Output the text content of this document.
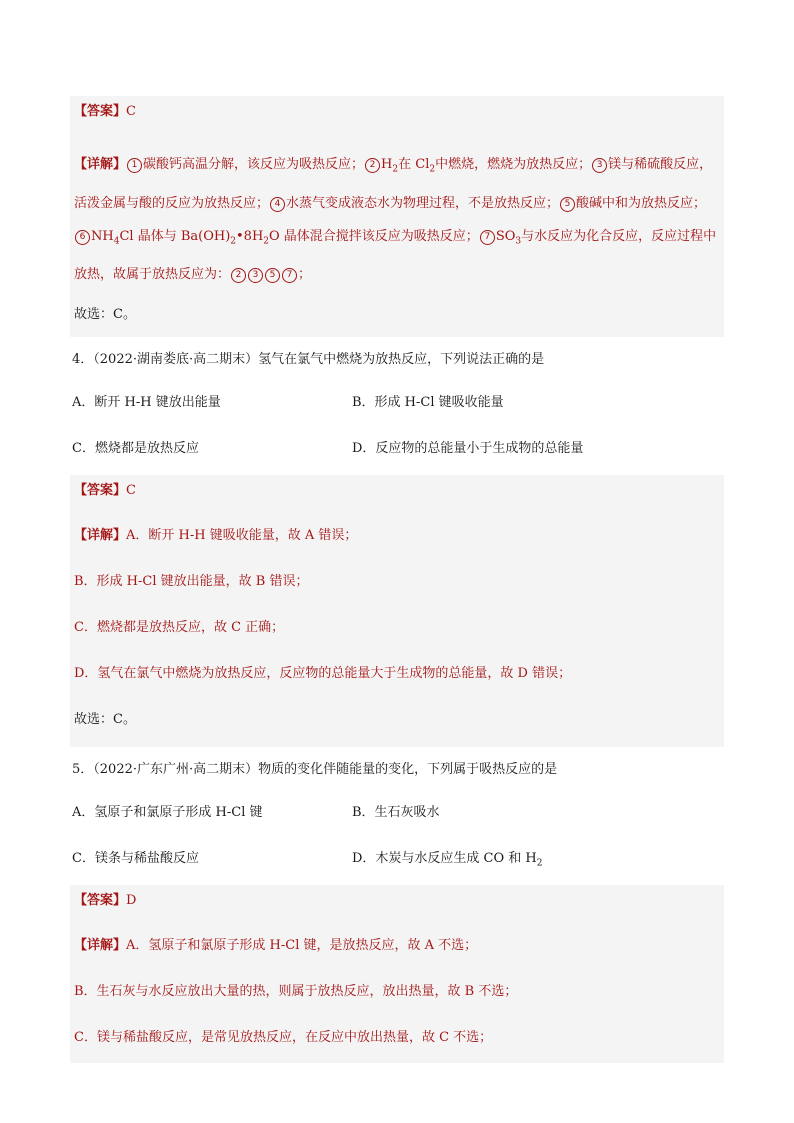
【答案】C
【详解】 1 碳酸钙高温分解，该反应为吸热反应； 2 $H_2$在 $Cl_2$中燃烧，燃烧为放热反应； 3 镁与稀硫酸反应，活泼金属与酸的反应为放热反应； 4 水蒸气变成液态水为物理过程，不是放热反应； 5 酸碱中和为放热反应；6 $NH_4Cl$ 晶体与 $Ba(OH)_2•8H_2O$ 晶体混合搅拌该反应为吸热反应； 7 $SO_3$与水反应为化合反应，反应过程中放热，故属于放热反应为： 2 3 5 7 ；
故选：C。
4．（2022·湖南娄底·高二期末）氢气在氯气中燃烧为放热反应，下列说法正确的是
A．断开 H-H 键放出能量	B．形成 H-Cl 键吸收能量
C．燃烧都是放热反应	D．反应物的总能量小于生成物的总能量
【答案】C
【详解】A．断开 H-H 键吸收能量，故 A 错误；
B．形成 H-Cl 键放出能量，故 B 错误；
C．燃烧都是放热反应，故 C 正确；
D．氢气在氯气中燃烧为放热反应，反应物的总能量大于生成物的总能量，故 D 错误；
故选：C。
5．（2022·广东广州·高二期末）物质的变化伴随能量的变化，下列属于吸热反应的是
A．氢原子和氯原子形成 H-Cl 键	B．生石灰吸水
C．镁条与稀盐酸反应	D．木炭与水反应生成 CO 和 $H_2$
【答案】D
【详解】A．氢原子和氯原子形成 H-Cl 键，是放热反应，故 A 不选；
B．生石灰与水反应放出大量的热，则属于放热反应，放出热量，故 B 不选；
C．镁与稀盐酸反应，是常见放热反应，在反应中放出热量，故 C 不选；
